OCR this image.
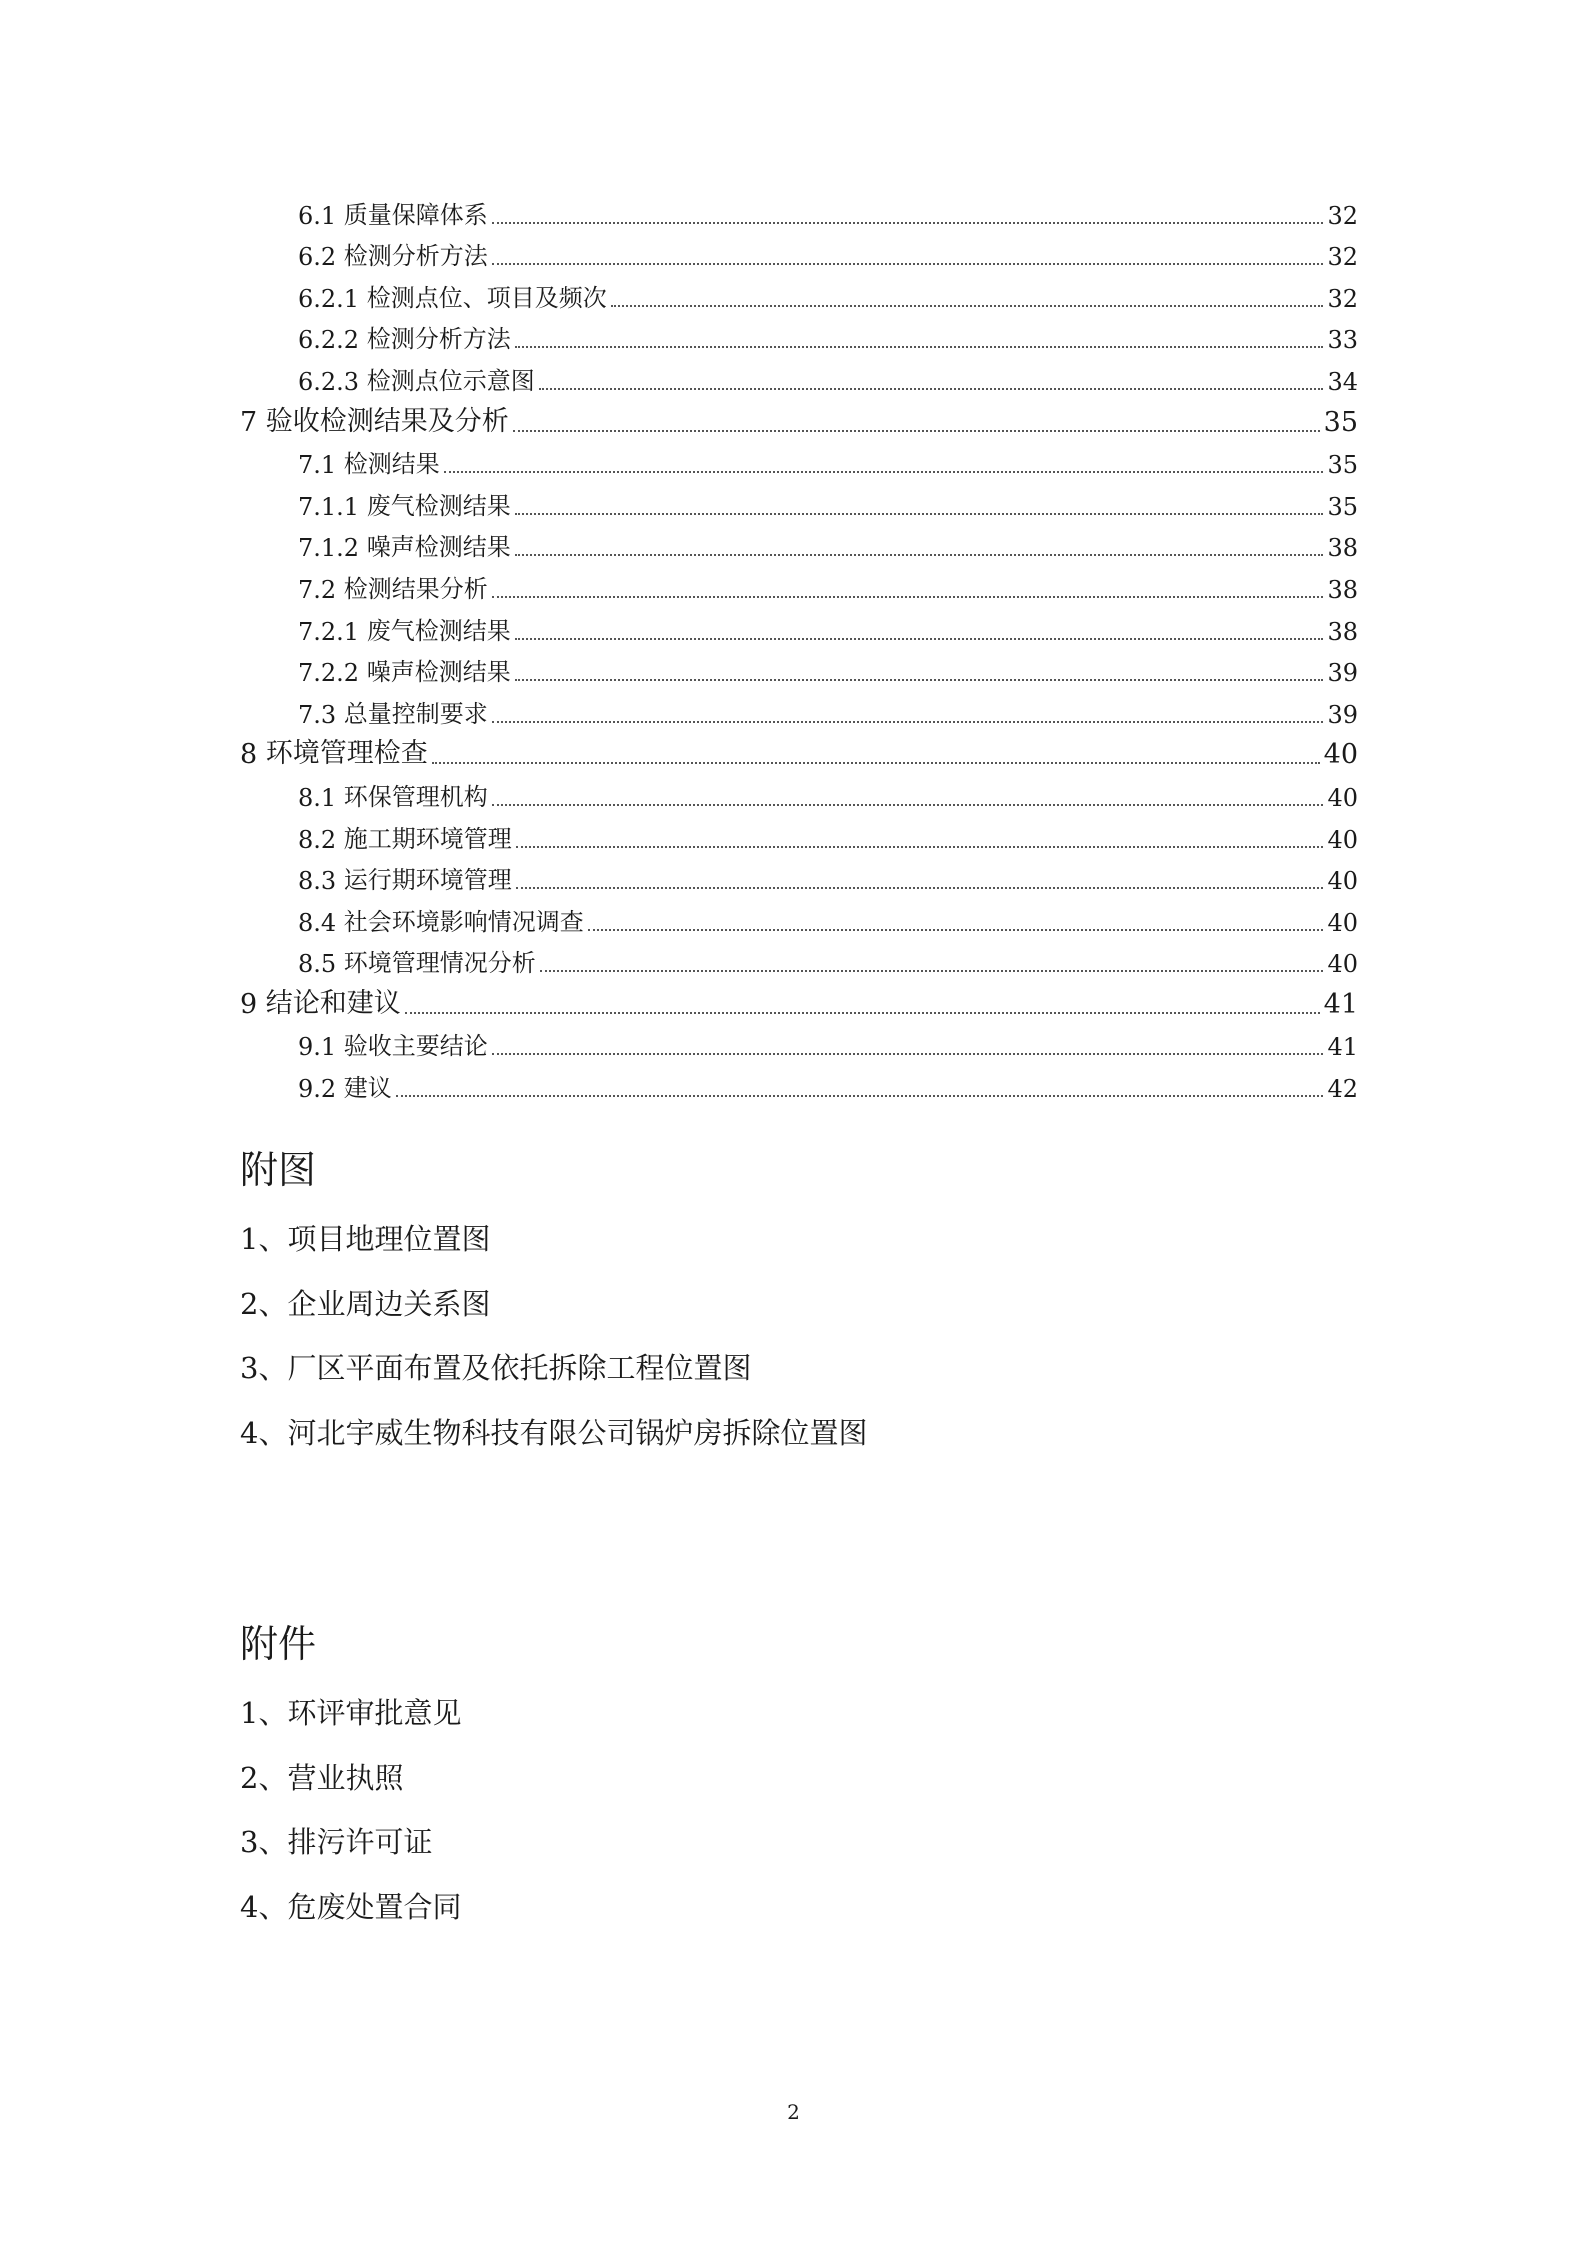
6.1 质量保障体系	32
6.2 检测分析方法	32
6.2.1 检测点位、项目及频次	32
6.2.2 检测分析方法	33
6.2.3 检测点位示意图	34
7 验收检测结果及分析	35
7.1 检测结果	35
7.1.1 废气检测结果	35
7.1.2 噪声检测结果	38
7.2 检测结果分析	38
7.2.1 废气检测结果	38
7.2.2 噪声检测结果	39
7.3 总量控制要求	39
8 环境管理检查	40
8.1 环保管理机构	40
8.2 施工期环境管理	40
8.3 运行期环境管理	40
8.4 社会环境影响情况调查	40
8.5 环境管理情况分析	40
9 结论和建议	41
9.1 验收主要结论	41
9.2 建议	42
附图
1、项目地理位置图
2、企业周边关系图
3、厂区平面布置及依托拆除工程位置图
4、河北宇威生物科技有限公司锅炉房拆除位置图
附件
1、环评审批意见
2、营业执照
3、排污许可证
4、危废处置合同
2
